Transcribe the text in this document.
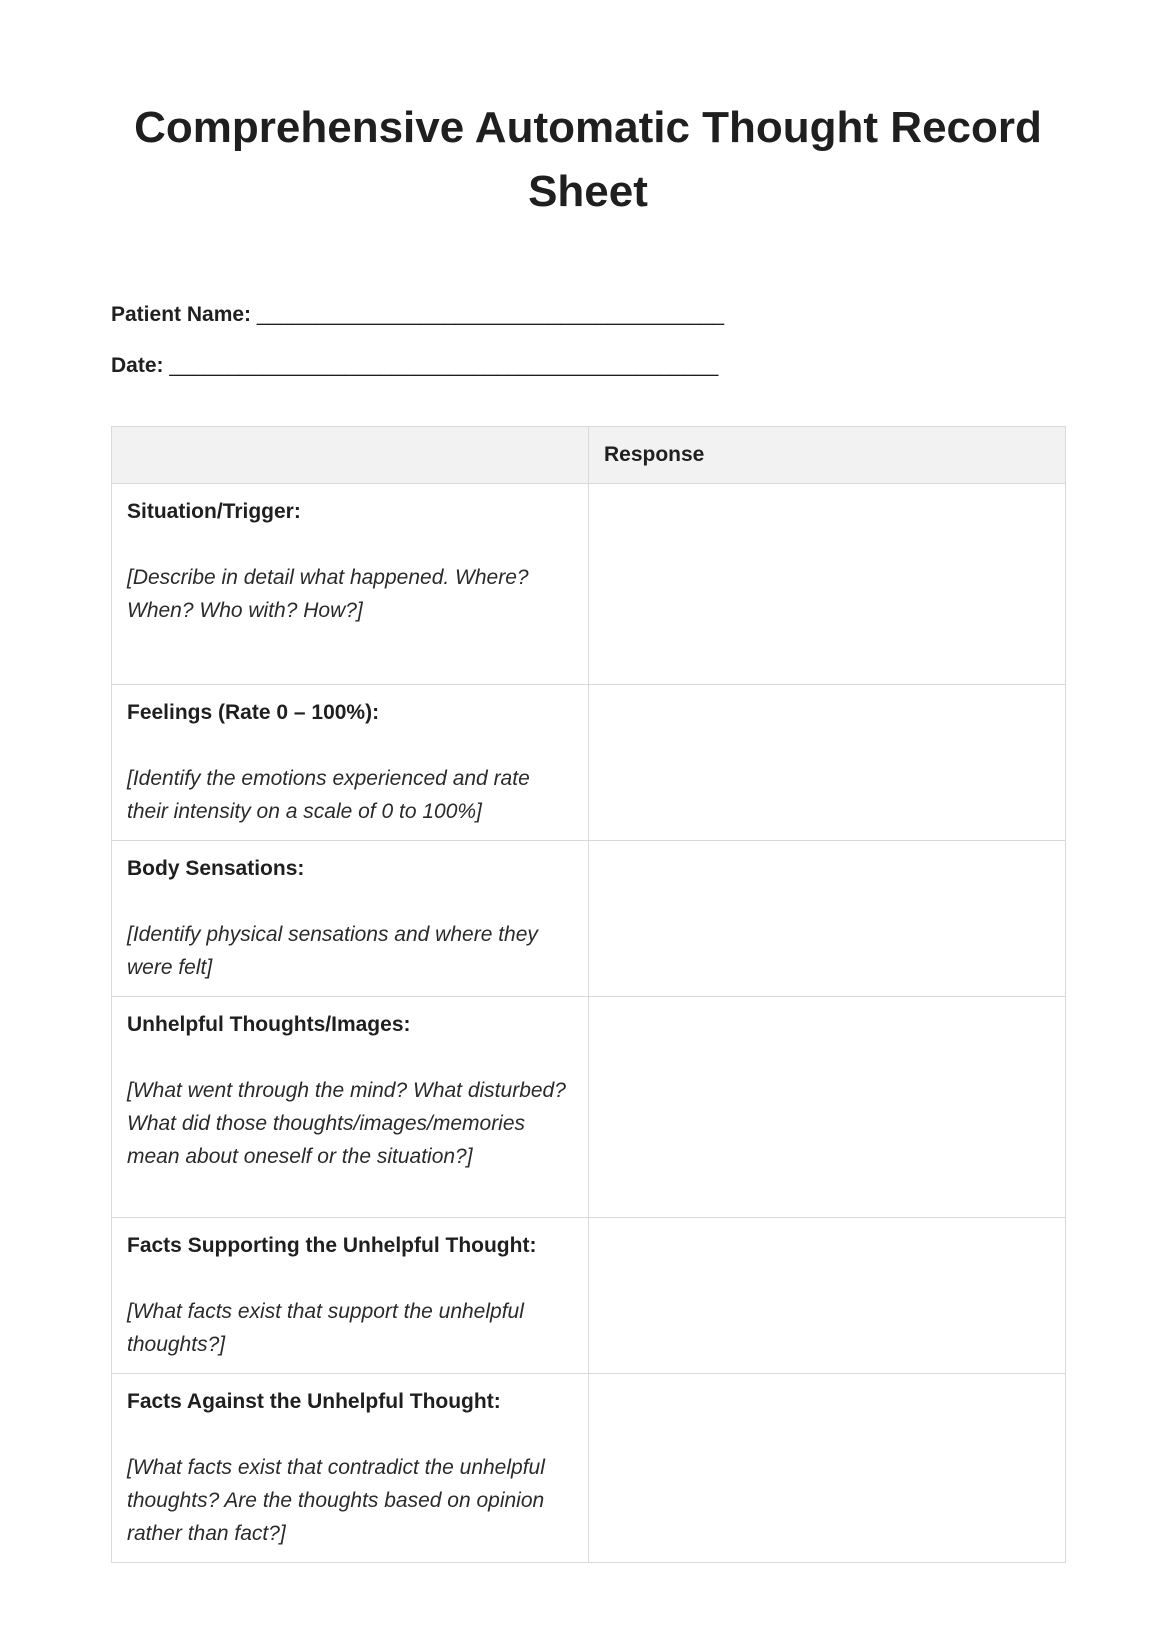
Comprehensive Automatic Thought Record Sheet
Patient Name: ________________________________________
Date: _______________________________________________
	Response

Situation/Trigger:
[Describe in detail what happened. Where? When? Who with? How?]	

Feelings (Rate 0 – 100%):
[Identify the emotions experienced and rate their intensity on a scale of 0 to 100%]	

Body Sensations:
[Identify physical sensations and where they were felt]	

Unhelpful Thoughts/Images:
[What went through the mind? What disturbed? What did those thoughts/images/memories mean about oneself or the situation?]	

Facts Supporting the Unhelpful Thought:
[What facts exist that support the unhelpful thoughts?]	

Facts Against the Unhelpful Thought:
[What facts exist that contradict the unhelpful thoughts? Are the thoughts based on opinion rather than fact?]	
